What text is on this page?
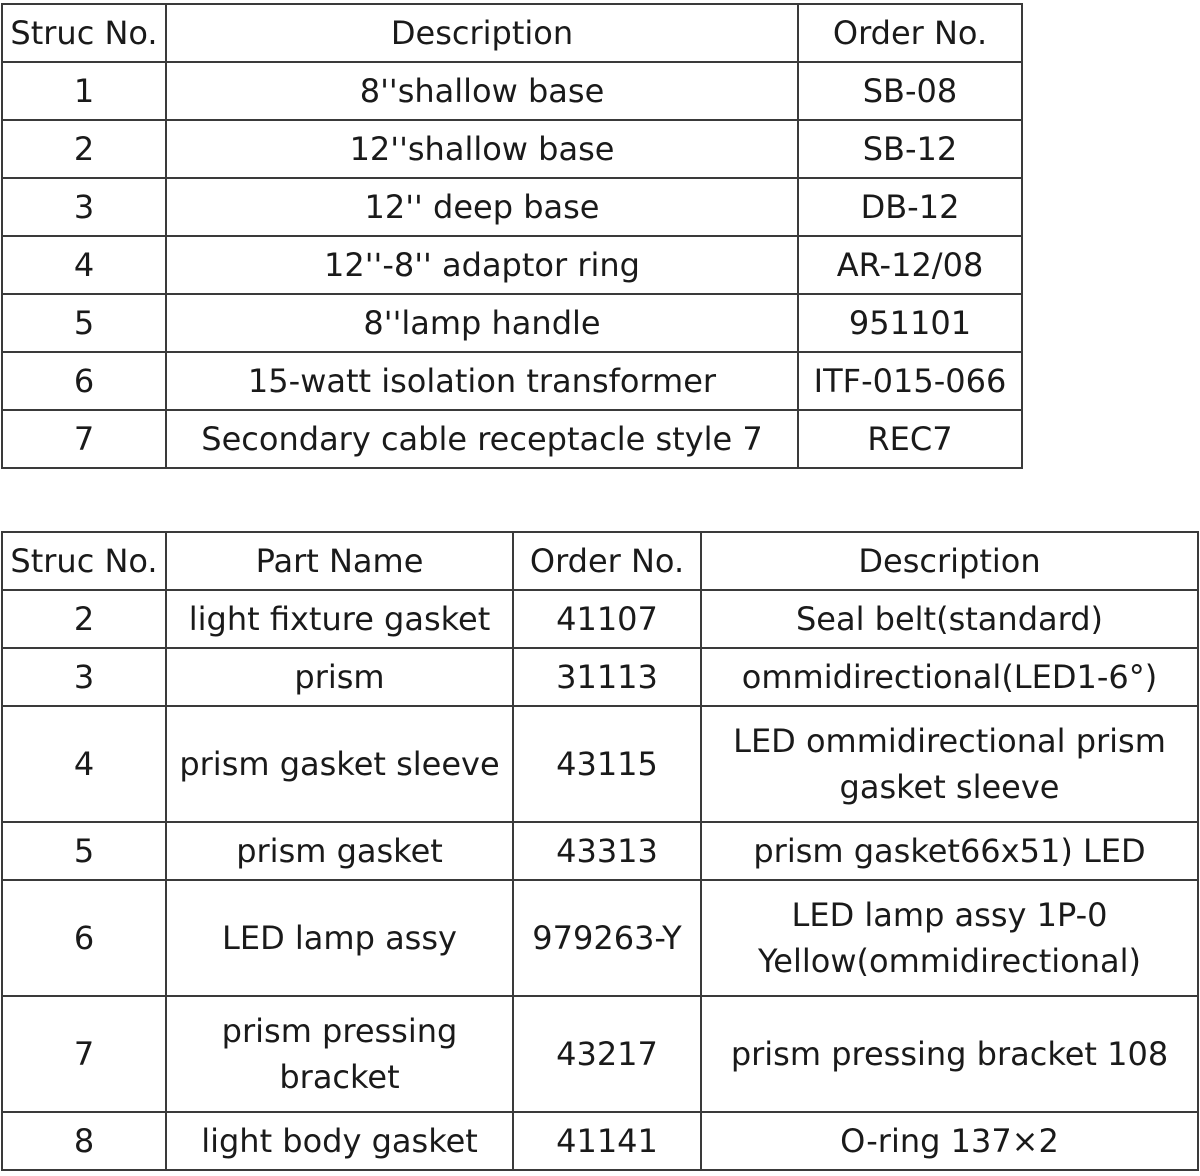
Struc No.	Description	Order No.
1	8''shallow base	SB-08
2	12''shallow base	SB-12
3	12'' deep base	DB-12
4	12''-8'' adaptor ring	AR-12/08
5	8''lamp handle	951101
6	15-watt isolation transformer	ITF-015-066
7	Secondary cable receptacle style 7	REC7
Struc No.	Part Name	Order No.	Description
2	light fixture gasket	41107	Seal belt(standard)
3	prism	31113	ommidirectional(LED1-6°)
4	prism gasket sleeve	43115	LED ommidirectional prism gasket sleeve
5	prism gasket	43313	prism gasket66x51) LED
6	LED lamp assy	979263-Y	LED lamp assy 1P-0 Yellow(ommidirectional)
7	prism pressing bracket	43217	prism pressing bracket 108
8	light body gasket	41141	O-ring 137×2
